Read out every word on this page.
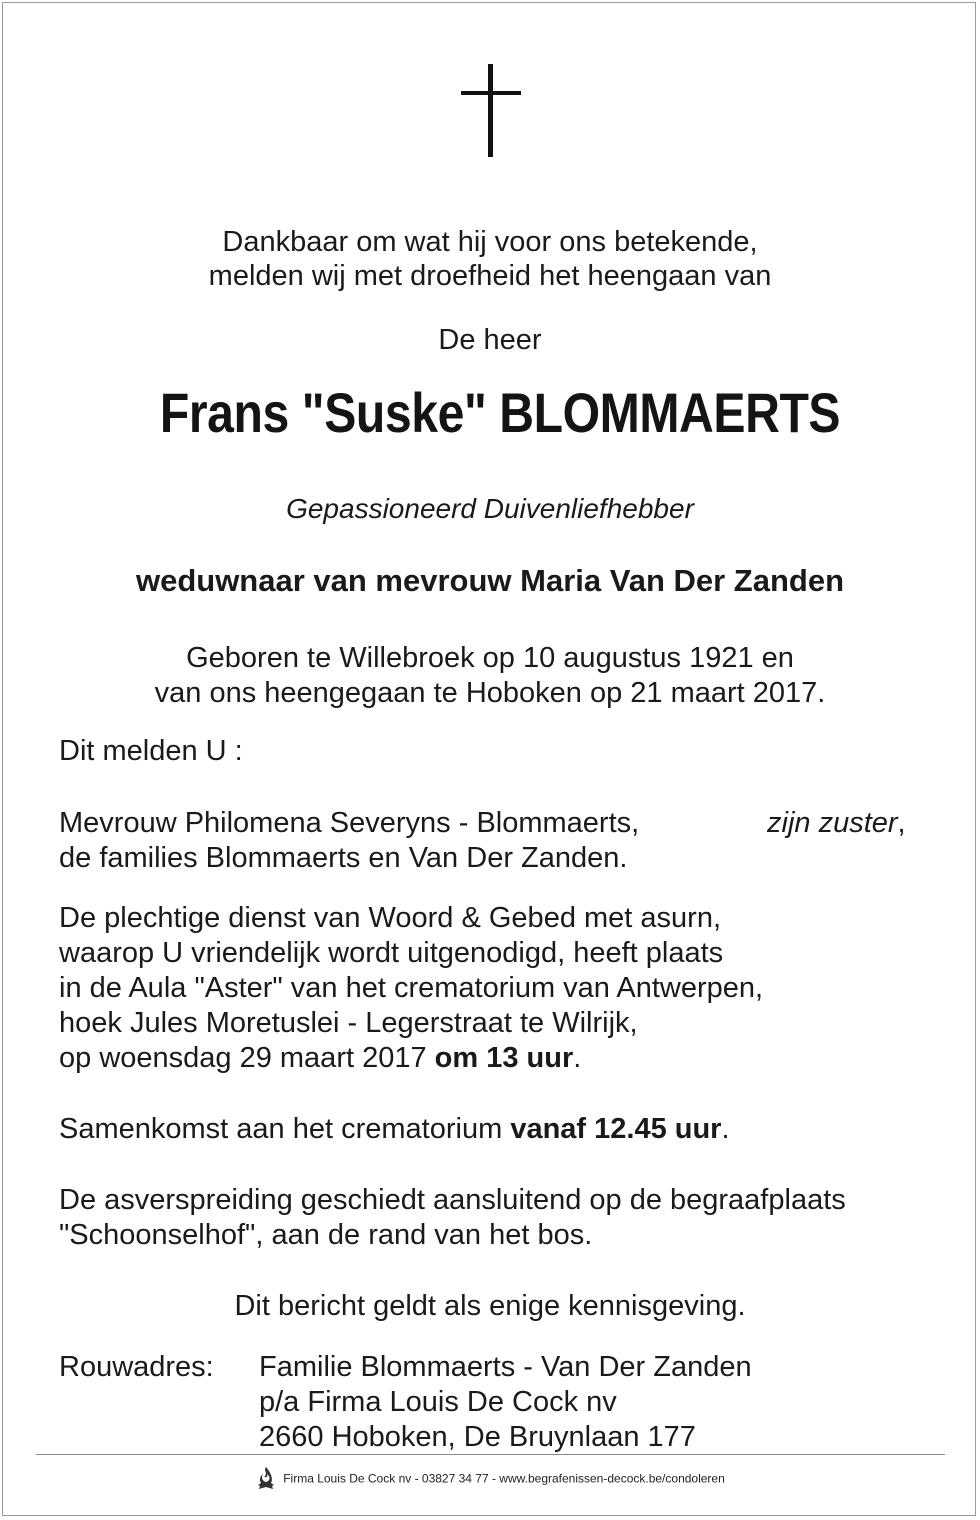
Dankbaar om wat hij voor ons betekende,
melden wij met droefheid het heengaan van
De heer
Frans "Suske" BLOMMAERTS
Gepassioneerd Duivenliefhebber
weduwnaar van mevrouw Maria Van Der Zanden
Geboren te Willebroek op 10 augustus 1921 en
van ons heengegaan te Hoboken op 21 maart 2017.
Dit melden U :
Mevrouw Philomena Severyns - Blommaerts,	zijn zuster,
de families Blommaerts en Van Der Zanden.
De plechtige dienst van Woord & Gebed met asurn,
waarop U vriendelijk wordt uitgenodigd, heeft plaats
in de Aula "Aster" van het crematorium van Antwerpen,
hoek Jules Moretuslei - Legerstraat te Wilrijk,
op woensdag 29 maart 2017 om 13 uur.
Samenkomst aan het crematorium vanaf 12.45 uur.
De asverspreiding geschiedt aansluitend op de begraafplaats
"Schoonselhof", aan de rand van het bos.
Dit bericht geldt als enige kennisgeving.
Rouwadres: Familie Blommaerts - Van Der Zanden
p/a Firma Louis De Cock nv
2660 Hoboken, De Bruynlaan 177
Firma Louis De Cock nv - 03827 34 77 - www.begrafenissen-decock.be/condoleren
